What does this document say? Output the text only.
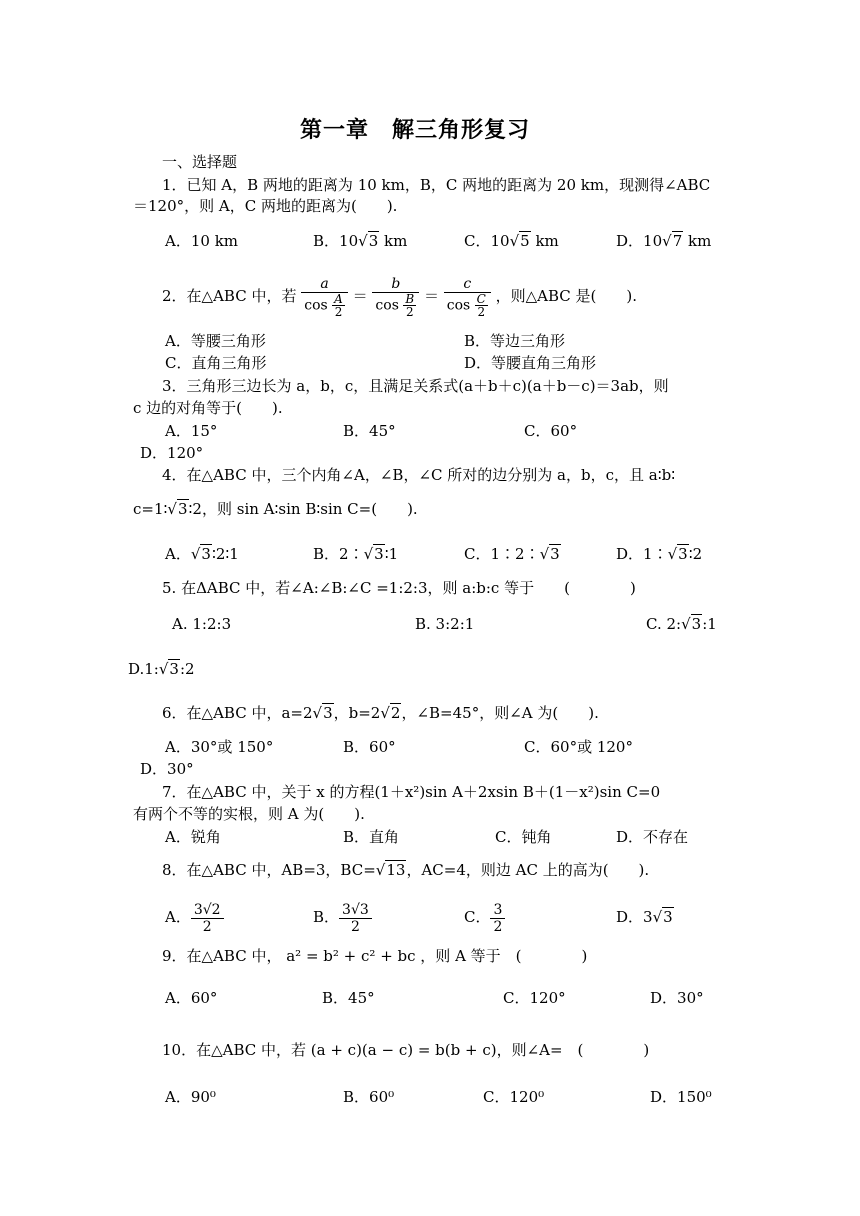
第一章　解三角形复习
一、选择题
1．已知 A，B 两地的距离为 10 km，B，C 两地的距离为 20 km，现测得∠ABC
＝120°，则 A，C 两地的距离为(　　).
A．10 km	B．10√3 km	C．10√5 km	D．10√7 km
2．在△ABC 中，若 $\frac{a}{\cos \frac{A}{2}} = \frac{b}{\cos \frac{B}{2}} = \frac{c}{\cos \frac{C}{2}}$ ，则△ABC 是(　　).
A．等腰三角形	B．等边三角形
C．直角三角形	D．等腰直角三角形
3．三角形三边长为 a，b，c，且满足关系式(a＋b＋c)(a＋b－c)＝3ab，则
c 边的对角等于(　　).
A．15°	B．45°	C．60°
D．120°
4．在△ABC 中，三个内角∠A，∠B，∠C 所对的边分别为 a，b，c，且 a∶b∶
c=1∶√3∶2，则 sin A∶sin B∶sin C=(　　).
A．√3∶2∶1	B．2∶√3∶1	C．1∶2∶√3	D．1∶√3∶2
5. 在ΔABC 中，若∠A:∠B:∠C =1:2:3，则 a:b:c 等于　　(　　　　)
A. 1:2:3	B. 3:2:1	C. 2:√3:1
D.1:√3:2
6．在△ABC 中，a=2√3，b=2√2，∠B=45°，则∠A 为(　　).
A．30°或 150°	B．60°	C．60°或 120°
D．30°
7．在△ABC 中，关于 x 的方程(1＋x²)sin A＋2xsin B＋(1－x²)sin C=0
有两个不等的实根，则 A 为(　　).
A．锐角	B．直角	C．钝角	D．不存在
8．在△ABC 中，AB=3，BC=√13，AC=4，则边 AC 上的高为(　　).
A． $\frac{3√2}{2}$	B． $\frac{3√3}{2}$	C． $\frac{3}{2}$	D．3√3
9．在△ABC 中， a² = b² + c² + bc ，则 A 等于　(　　　　)
A．60°	B．45°	C．120°	D．30°
10．在△ABC 中，若 (a + c)(a − c) = b(b + c)，则∠A=　(　　　　)
A．90⁰	B．60⁰	C．120⁰	D．150⁰
